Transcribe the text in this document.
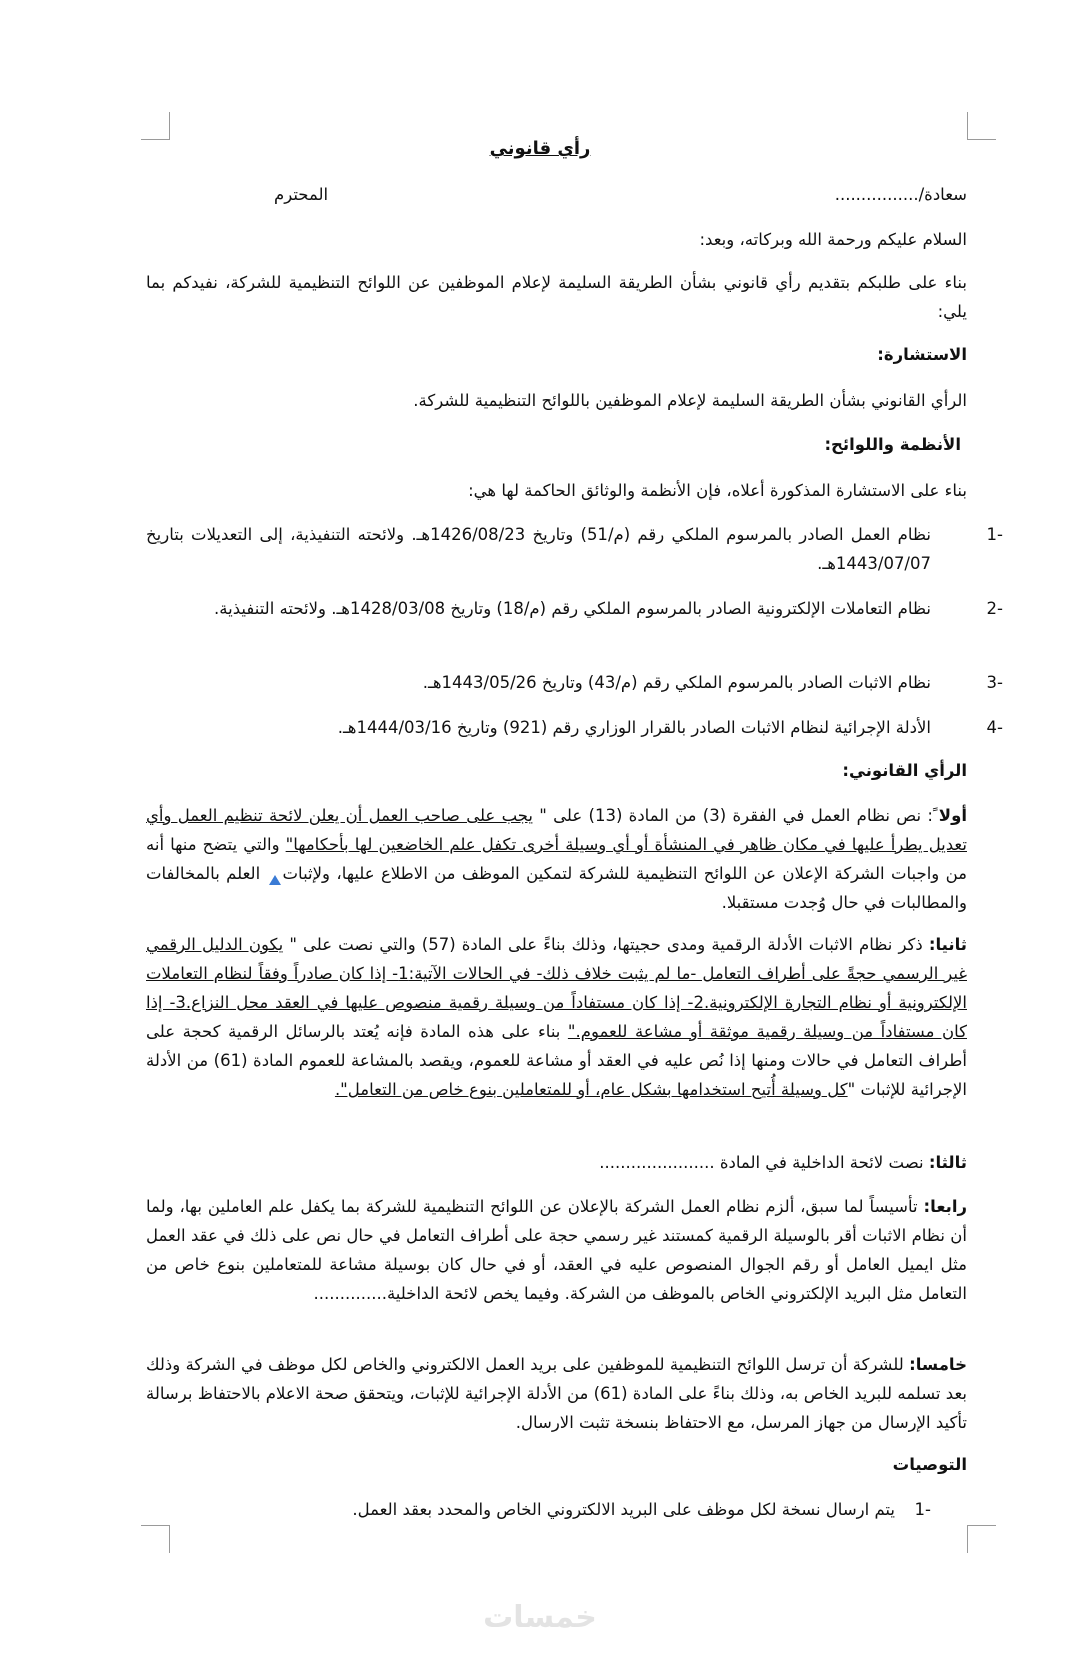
رأي قانوني
سعادة/................
المحترم
السلام عليكم ورحمة الله وبركاته، وبعد:
بناء على طلبكم بتقديم رأي قانوني بشأن الطريقة السليمة لإعلام الموظفين عن اللوائح التنظيمية للشركة، نفيدكم بما يلي:
الاستشارة:
الرأي القانوني بشأن الطريقة السليمة لإعلام الموظفين باللوائح التنظيمية للشركة.
الأنظمة واللوائح:
بناء على الاستشارة المذكورة أعلاه، فإن الأنظمة والوثائق الحاكمة لها هي:
-1نظام العمل الصادر بالمرسوم الملكي رقم (م/51) وتاريخ 1426/08/23هـ. ولائحته التنفيذية، إلى التعديلات بتاريخ 1443/07/07هـ.
-2نظام التعاملات الإلكترونية الصادر بالمرسوم الملكي رقم (م/18) وتاريخ 1428/03/08هـ. ولائحته التنفيذية.
-3نظام الاثبات الصادر بالمرسوم الملكي رقم (م/43) وتاريخ 1443/05/26هـ.
-4الأدلة الإجرائية لنظام الاثبات الصادر بالقرار الوزاري رقم (921) وتاريخ 1444/03/16هـ.
الرأي القانوني:
أولا ً: نص نظام العمل في الفقرة (3) من المادة (13) على " يجب على صاحب العمل أن يعلن لائحة تنظيم العمل وأي تعديل يطرأ عليها في مكان ظاهر في المنشأة أو أي وسيلة أخرى تكفل علم الخاضعين لها بأحكامها" والتي يتضح منها أنه من واجبات الشركة الإعلان عن اللوائح التنظيمية للشركة لتمكين الموظف من الاطلاع عليها، ولإثبات العلم بالمخالفات والمطالبات في حال وُجدت مستقبلا.
ثانيا: ذكر نظام الاثبات الأدلة الرقمية ومدى حجيتها، وذلك بناءً على المادة (57) والتي نصت على " يكون الدليل الرقمي غير الرسمي حجةً على أطراف التعامل -ما لم يثبت خلاف ذلك- في الحالات الآتية:1- إذا كان صادراً وفقاً لنظام التعاملات الإلكترونية أو نظام التجارة الإلكترونية.2- إذا كان مستفاداً من وسيلة رقمية منصوص عليها في العقد محل النزاع.3- إذا كان مستفاداً من وسيلة رقمية موثقة أو مشاعة للعموم." بناء على هذه المادة فإنه يُعتد بالرسائل الرقمية كحجة على أطراف التعامل في حالات ومنها إذا نُص عليه في العقد أو مشاعة للعموم، ويقصد بالمشاعة للعموم المادة (61) من الأدلة الإجرائية للإثبات "كل وسيلة أُتيح استخدامها بشكل عام، أو للمتعاملين بنوع خاص من التعامل".
ثالثا: نصت لائحة الداخلية في المادة ......................
رابعا: تأسيساً لما سبق، ألزم نظام العمل الشركة بالإعلان عن اللوائح التنظيمية للشركة بما يكفل علم العاملين بها، ولما أن نظام الاثبات أقر بالوسيلة الرقمية كمستند غير رسمي حجة على أطراف التعامل في حال نص على ذلك في عقد العمل مثل ايميل العامل أو رقم الجوال المنصوص عليه في العقد، أو في حال كان بوسيلة مشاعة للمتعاملين بنوع خاص من التعامل مثل البريد الإلكتروني الخاص بالموظف من الشركة. وفيما يخص لائحة الداخلية..............
خامسا: للشركة أن ترسل اللوائح التنظيمية للموظفين على بريد العمل الالكتروني والخاص لكل موظف في الشركة وذلك بعد تسلمه للبريد الخاص به، وذلك بناءً على المادة (61) من الأدلة الإجرائية للإثبات، ويتحقق صحة الاعلام بالاحتفاظ برسالة تأكيد الإرسال من جهاز المرسل، مع الاحتفاظ بنسخة تثبت الارسال.
التوصيات
-1يتم ارسال نسخة لكل موظف على البريد الالكتروني الخاص والمحدد بعقد العمل.
خمسات
